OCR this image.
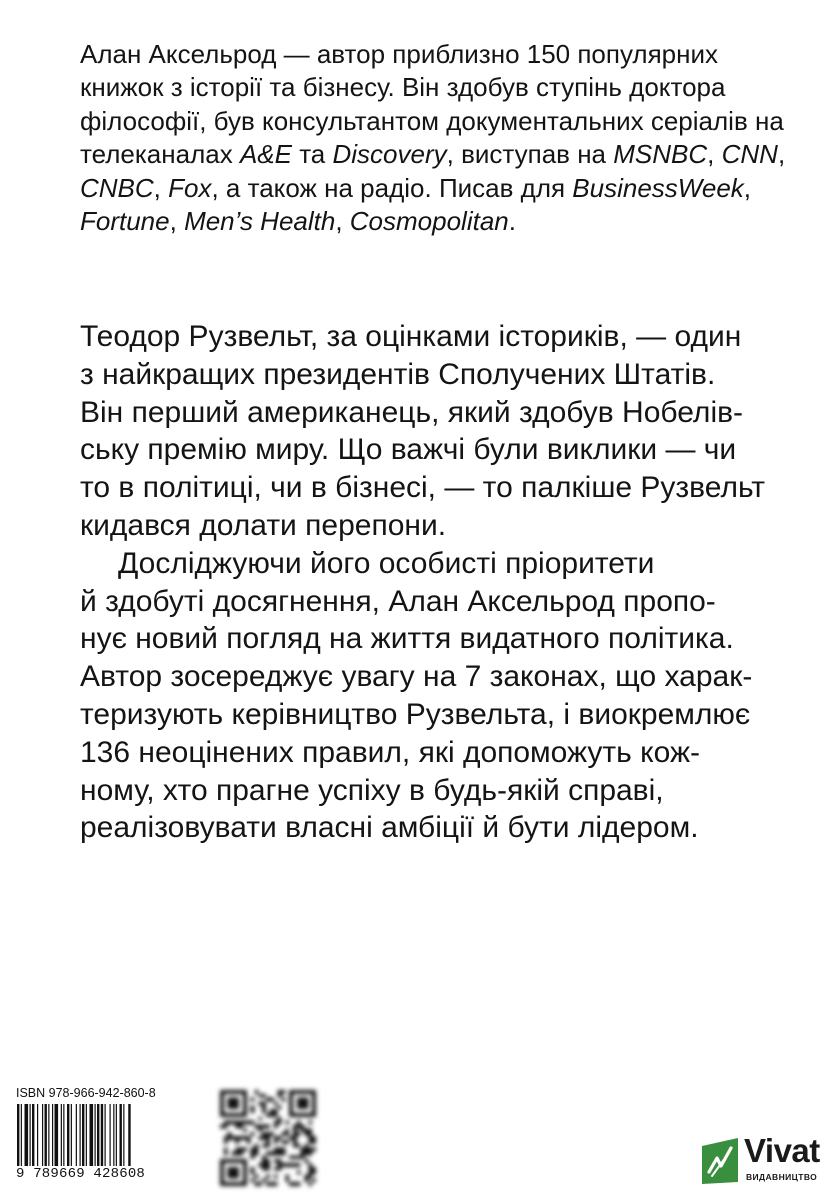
Алан Аксельрод — автор приблизно 150 популярних
книжок з історії та бізнесу. Він здобув ступінь доктора
філософії, був консультантом документальних серіалів на
телеканалах A&E та Discovery, виступав на MSNBC, CNN,
CNBC, Fox, а також на радіо. Писав для BusinessWeek,
Fortune, Men’s Health, Cosmopolitan.
Теодор Рузвельт, за оцінками істориків, — один
з найкращих президентів Сполучених Штатів.
Він перший американець, який здобув Нобелів-
ську премію миру. Що важчі були виклики — чи
то в політиці, чи в бізнесі, — то палкіше Рузвельт
кидався долати перепони.
Досліджуючи його особисті пріоритети
й здобуті досягнення, Алан Аксельрод пропо-
нує новий погляд на життя видатного політика.
Автор зосереджує увагу на 7 законах, що харак-
теризують керівництво Рузвельта, і виокремлює
136 неоцінених правил, які допоможуть кож-
ному, хто прагне успіху в будь-якій справі,
реалізовувати власні амбіції й бути лідером.
ISBN 978-966-942-860-8
9 789669 428608
Vivat
ВИДАВНИЦТВО
